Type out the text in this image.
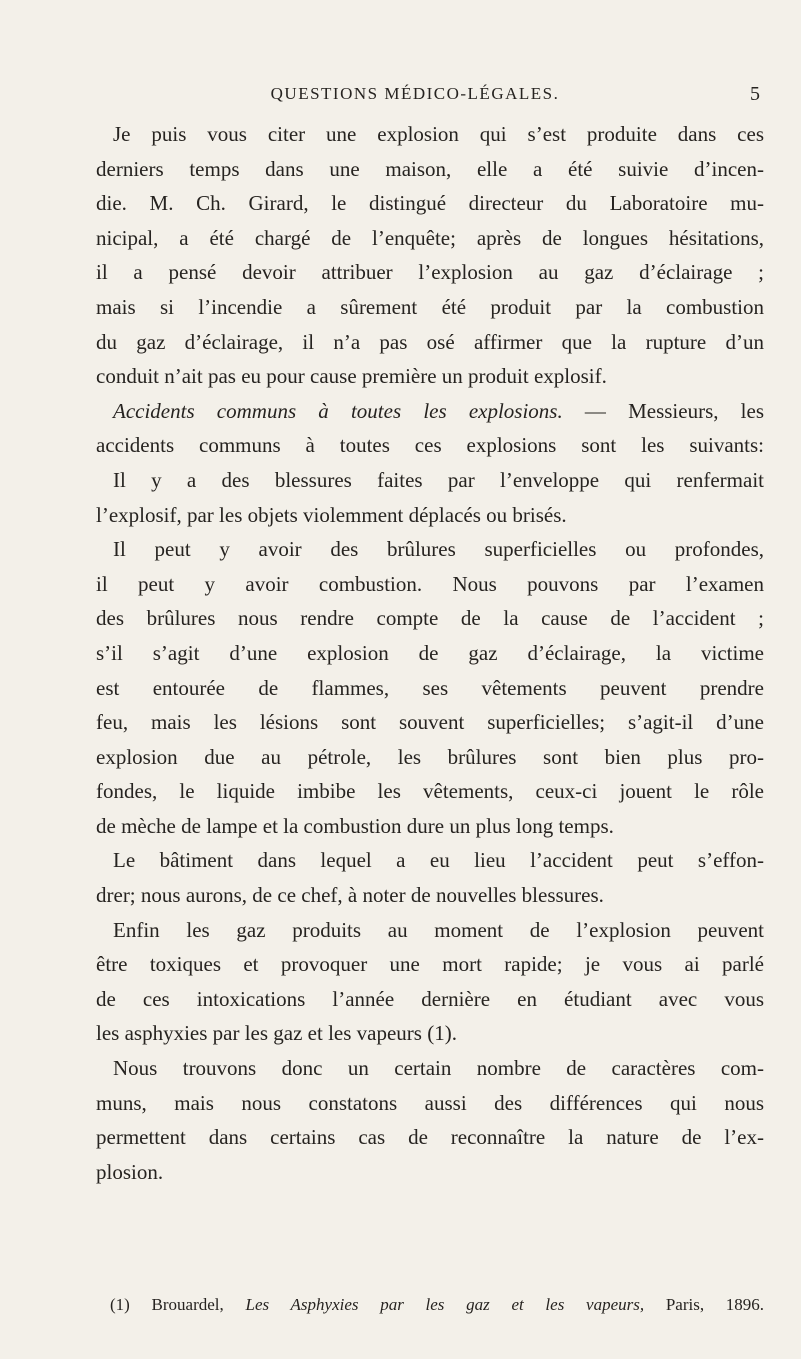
QUESTIONS MÉDICO-LÉGALES.	5
Je puis vous citer une explosion qui s’est produite dans ces
derniers temps dans une maison, elle a été suivie d’incen-
die. M. Ch. Girard, le distingué directeur du Laboratoire mu-
nicipal, a été chargé de l’enquête; après de longues hésitations,
il a pensé devoir attribuer l’explosion au gaz d’éclairage ;
mais si l’incendie a sûrement été produit par la combustion
du gaz d’éclairage, il n’a pas osé affirmer que la rupture d’un
conduit n’ait pas eu pour cause première un produit explosif.
Accidents communs à toutes les explosions. — Messieurs, les
accidents communs à toutes ces explosions sont les suivants:
Il y a des blessures faites par l’enveloppe qui renfermait
l’explosif, par les objets violemment déplacés ou brisés.
Il peut y avoir des brûlures superficielles ou profondes,
il peut y avoir combustion. Nous pouvons par l’examen
des brûlures nous rendre compte de la cause de l’accident ;
s’il s’agit d’une explosion de gaz d’éclairage, la victime
est entourée de flammes, ses vêtements peuvent prendre
feu, mais les lésions sont souvent superficielles; s’agit-il d’une
explosion due au pétrole, les brûlures sont bien plus pro-
fondes, le liquide imbibe les vêtements, ceux-ci jouent le rôle
de mèche de lampe et la combustion dure un plus long temps.
Le bâtiment dans lequel a eu lieu l’accident peut s’effon-
drer; nous aurons, de ce chef, à noter de nouvelles blessures.
Enfin les gaz produits au moment de l’explosion peuvent
être toxiques et provoquer une mort rapide; je vous ai parlé
de ces intoxications l’année dernière en étudiant avec vous
les asphyxies par les gaz et les vapeurs (1).
Nous trouvons donc un certain nombre de caractères com-
muns, mais nous constatons aussi des différences qui nous
permettent dans certains cas de reconnaître la nature de l’ex-
plosion.
(1) Brouardel, Les Asphyxies par les gaz et les vapeurs, Paris, 1896.
